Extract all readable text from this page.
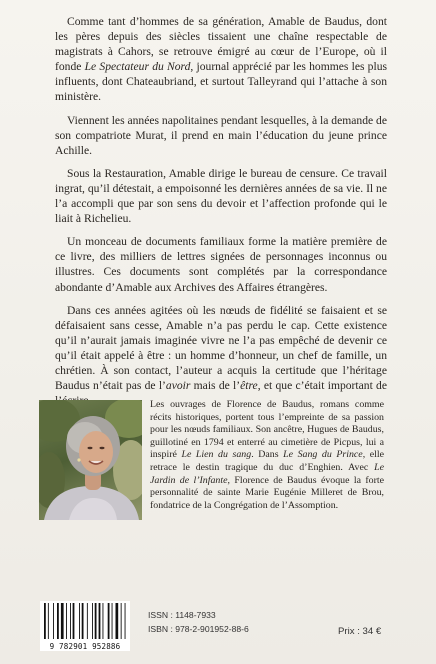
Comme tant d’hommes de sa génération, Amable de Baudus, dont les pères depuis des siècles tissaient une chaîne respectable de magistrats à Cahors, se retrouve émigré au cœur de l’Europe, où il fonde Le Spectateur du Nord, journal apprécié par les hommes les plus influents, dont Chateaubriand, et surtout Talleyrand qui l’attache à son ministère.

Viennent les années napolitaines pendant lesquelles, à la demande de son compatriote Murat, il prend en main l’éducation du jeune prince Achille.

Sous la Restauration, Amable dirige le bureau de censure. Ce travail ingrat, qu’il détestait, a empoisonné les dernières années de sa vie. Il ne l’a accompli que par son sens du devoir et l’affection profonde qui le liait à Richelieu.

Un monceau de documents familiaux forme la matière première de ce livre, des milliers de lettres signées de personnages inconnus ou illustres. Ces documents sont complétés par la correspondance abondante d’Amable aux Archives des Affaires étrangères.

Dans ces années agitées où les nœuds de fidélité se faisaient et se défaisaient sans cesse, Amable n’a pas perdu le cap. Cette existence qu’il n’aurait jamais imaginée vivre ne l’a pas empêché de devenir ce qu’il était appelé à être : un homme d’honneur, un chef de famille, un chrétien. À son contact, l’auteur a acquis la certitude que l’héritage Baudus n’était pas de l’avoir mais de l’être, et que c’était important de

Les ouvrages de Florence de Baudus, romans comme récits historiques, portent tous l’empreinte de sa passion pour les nœuds familiaux. Son ancêtre, Hugues de Baudus, guillotiné en 1794 et enterré au cimetière de Picpus, lui a inspiré Le Lien du sang. Dans Le Sang du Prince, elle retrace le destin tragique du duc d’Enghien. Avec Le Jardin de l’Infante, Florence de Baudus évoque la forte personnalité de sainte Marie Eugénie Milleret de Brou, fondatrice de la Congrégation de l’Assomption.
9 782901 952886
ISSN : 1148-7933
ISBN : 978-2-901952-88-6	Prix : 34 €
